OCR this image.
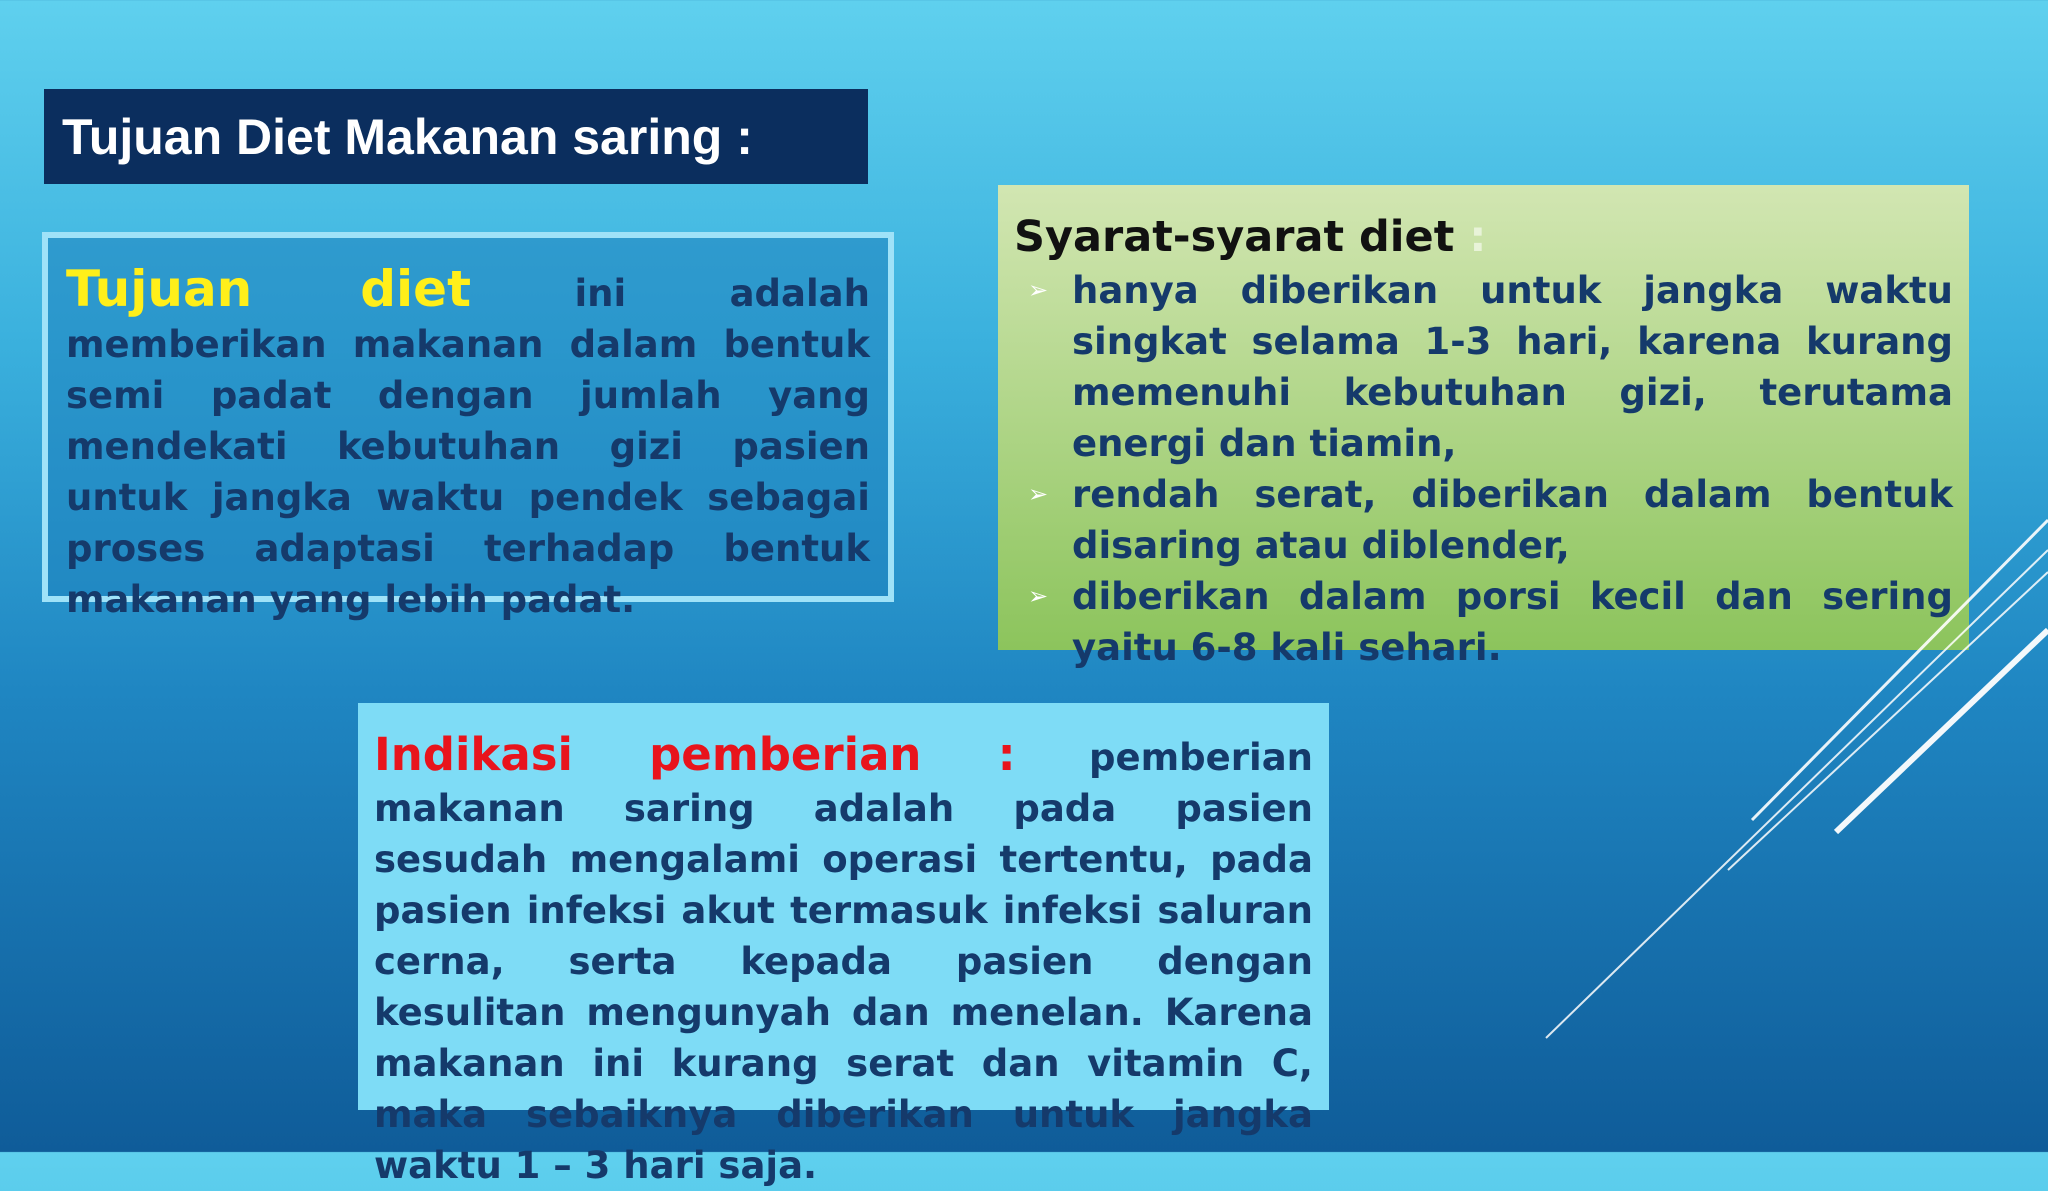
Tujuan Diet Makanan saring :
Tujuan diet ini adalah memberikan makanan dalam bentuk semi padat dengan jumlah yang mendekati kebutuhan gizi pasien untuk jangka waktu pendek sebagai proses adaptasi terhadap bentuk makanan yang lebih padat.
Syarat-syarat diet :
➢ hanya diberikan untuk jangka waktu singkat selama 1-3 hari, karena kurang memenuhi kebutuhan gizi, terutama energi dan tiamin,
➢ rendah serat, diberikan dalam bentuk disaring atau diblender,
➢ diberikan dalam porsi kecil dan sering yaitu 6-8 kali sehari.
Indikasi pemberian : pemberian makanan saring adalah pada pasien sesudah mengalami operasi tertentu, pada pasien infeksi akut termasuk infeksi saluran cerna, serta kepada pasien dengan kesulitan mengunyah dan menelan. Karena makanan ini kurang serat dan vitamin C, maka sebaiknya diberikan untuk jangka waktu 1 – 3 hari saja.
